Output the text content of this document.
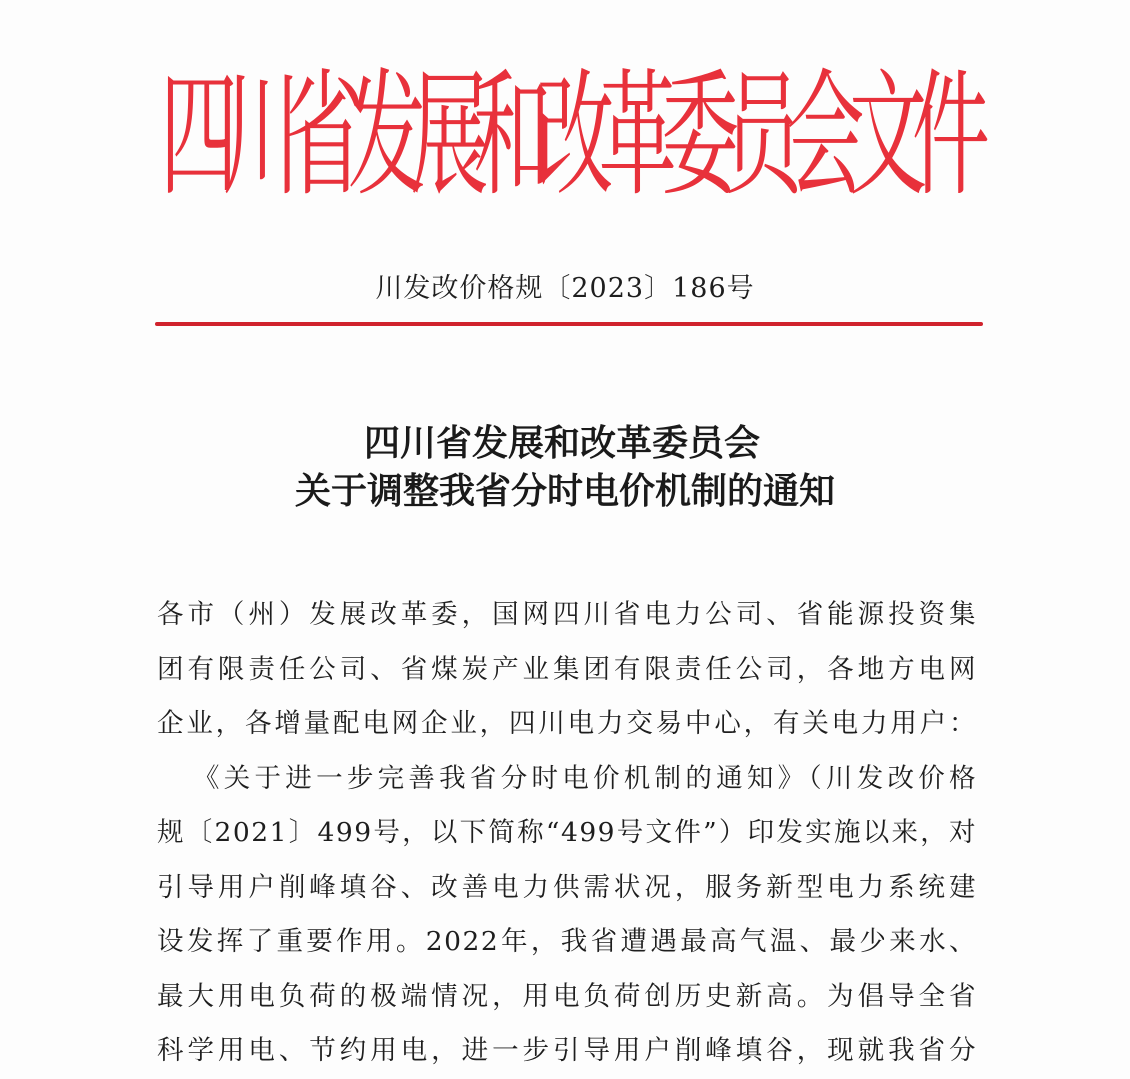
四
川
省
发
展
和
改
革
委
员
会
文
件
川发改价格规〔2023〕186号
四川省发展和改革委员会
关于调整我省分时电价机制的通知

各市（州）发展改革委，国网四川省电力公司、省能源投资集
团有限责任公司、省煤炭产业集团有限责任公司，各地方电网
企业，各增量配电网企业，四川电力交易中心，有关电力用户：

《关于进一步完善我省分时电价机制的通知》（川发改价格
规〔2021〕499号，以下简称“499号文件”）印发实施以来，对
引导用户削峰填谷、改善电力供需状况，服务新型电力系统建
设发挥了重要作用。2022年，我省遭遇最高气温、最少来水、
最大用电负荷的极端情况，用电负荷创历史新高。为倡导全省
科学用电、节约用电，进一步引导用户削峰填谷，现就我省分
